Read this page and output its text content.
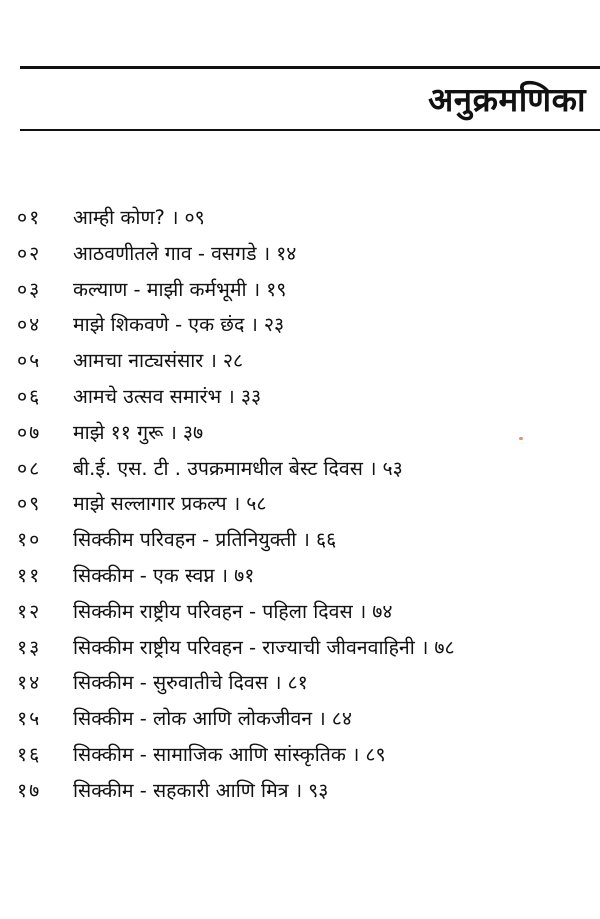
अनुक्रमणिका
०१ आम्ही कोण? । ०९
०२ आठवणीतले गाव - वसगडे । १४
०३ कल्याण - माझी कर्मभूमी । १९
०४ माझे शिकवणे - एक छंद । २३
०५ आमचा नाट्यसंसार । २८
०६ आमचे उत्सव समारंभ । ३३
०७ माझे ११ गुरू । ३७
०८ बी.ई. एस. टी . उपक्रमामधील बेस्ट दिवस । ५३
०९ माझे सल्लागार प्रकल्प । ५८
१० सिक्कीम परिवहन - प्रतिनियुक्ती । ६६
११ सिक्कीम - एक स्वप्न । ७१
१२ सिक्कीम राष्ट्रीय परिवहन - पहिला दिवस । ७४
१३ सिक्कीम राष्ट्रीय परिवहन - राज्याची जीवनवाहिनी । ७८
१४ सिक्कीम - सुरुवातीचे दिवस । ८१
१५ सिक्कीम - लोक आणि लोकजीवन । ८४
१६ सिक्कीम - सामाजिक आणि सांस्कृतिक । ८९
१७ सिक्कीम - सहकारी आणि मित्र । ९३
